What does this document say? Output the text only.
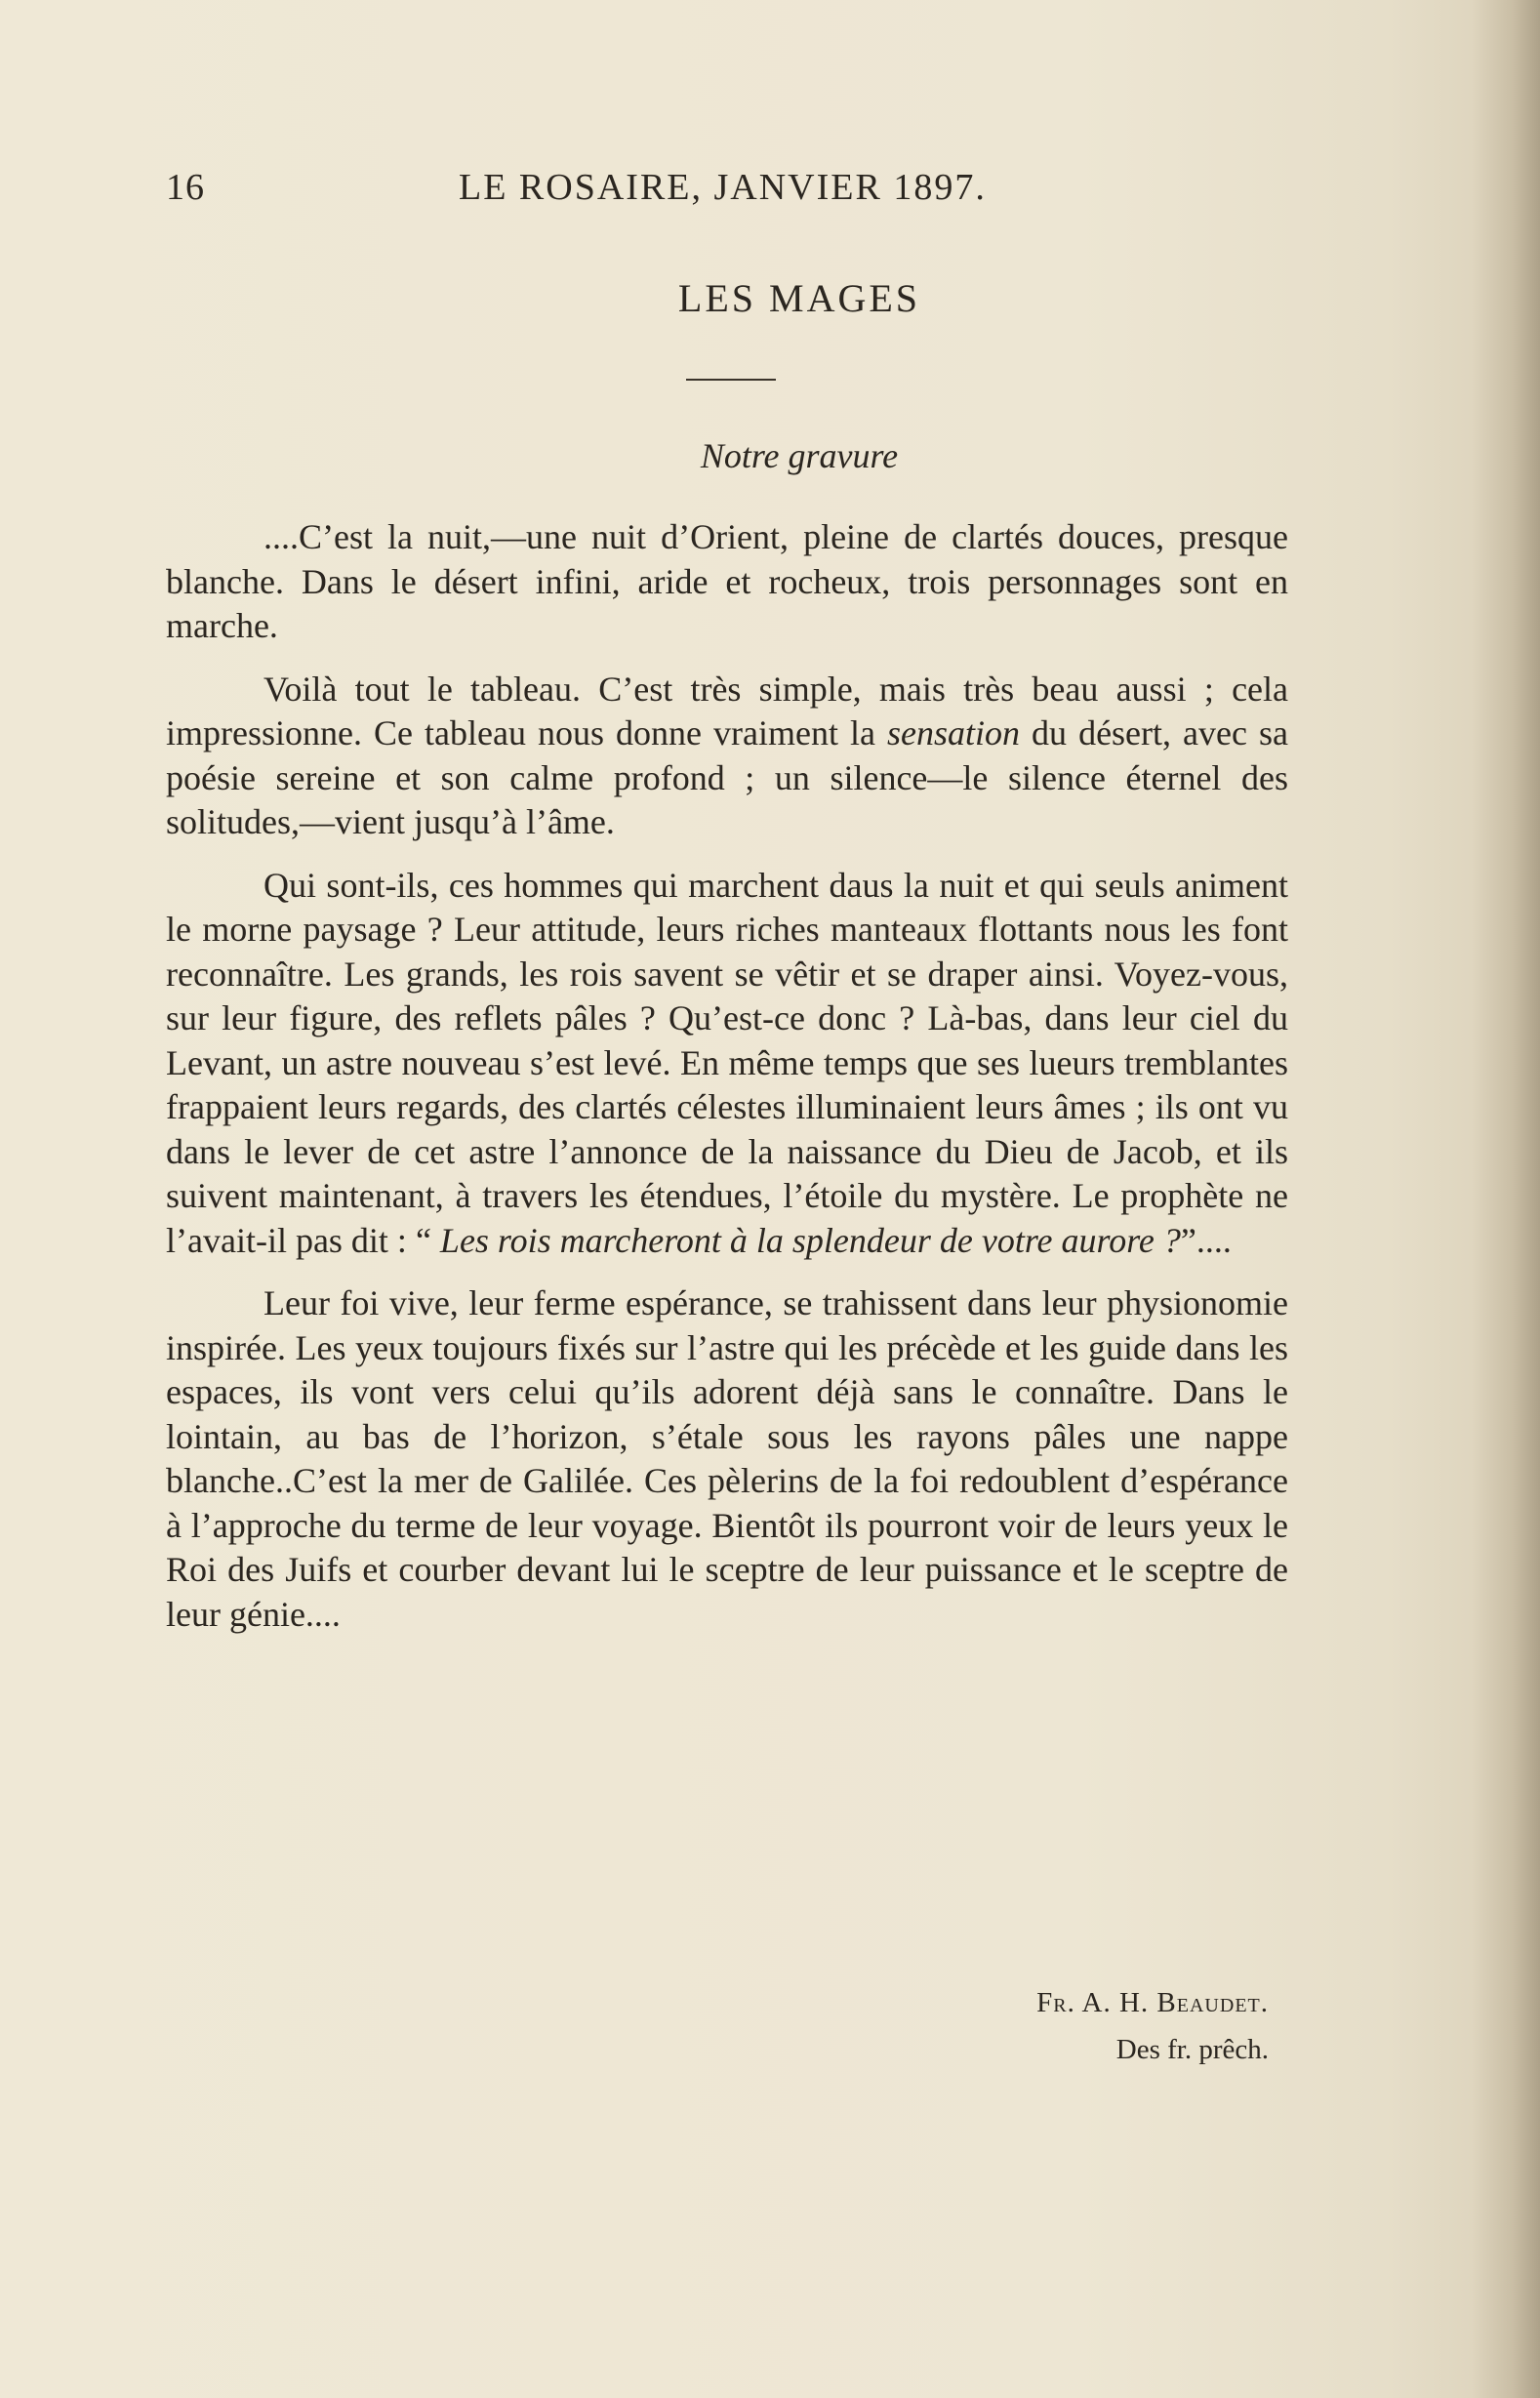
16	LE ROSAIRE, JANVIER 1897.
LES MAGES
Notre gravure

....C’est la nuit,—une nuit d’Orient, pleine de clartés douces, presque blanche. Dans le désert infini, aride et rocheux, trois personnages sont en marche.

Voilà tout le tableau. C’est très simple, mais très beau aussi ; cela impressionne. Ce tableau nous donne vraiment la sensation du désert, avec sa poésie sereine et son calme profond ; un silence—le silence éternel des solitudes,—vient jusqu’à l’âme.

Qui sont-ils, ces hommes qui marchent daus la nuit et qui seuls animent le morne paysage ? Leur attitude, leurs riches manteaux flottants nous les font reconnaître. Les grands, les rois savent se vêtir et se draper ainsi. Voyez-vous, sur leur figure, des reflets pâles ? Qu’est-ce donc ? Là-bas, dans leur ciel du Levant, un astre nouveau s’est levé. En même temps que ses lueurs tremblantes frappaient leurs regards, des clartés célestes illuminaient leurs âmes ; ils ont vu dans le lever de cet astre l’annonce de la naissance du Dieu de Jacob, et ils suivent maintenant, à travers les étendues, l’étoile du mystère. Le prophète ne l’avait-il pas dit : “ Les rois marcheront à la splendeur de votre aurore ?”....

Leur foi vive, leur ferme espérance, se trahissent dans leur physionomie inspirée. Les yeux toujours fixés sur l’astre qui les précède et les guide dans les espaces, ils vont vers celui qu’ils adorent déjà sans le connaître. Dans le lointain, au bas de l’horizon, s’étale sous les rayons pâles une nappe blanche..C’est la mer de Galilée. Ces pèlerins de la foi redoublent d’espérance à l’approche du terme de leur voyage. Bientôt ils pourront voir de leurs yeux le Roi des Juifs et courber devant lui le sceptre de leur puissance et le sceptre de leur génie....

Fr. A. H. Beaudet.
Des fr. prêch.
